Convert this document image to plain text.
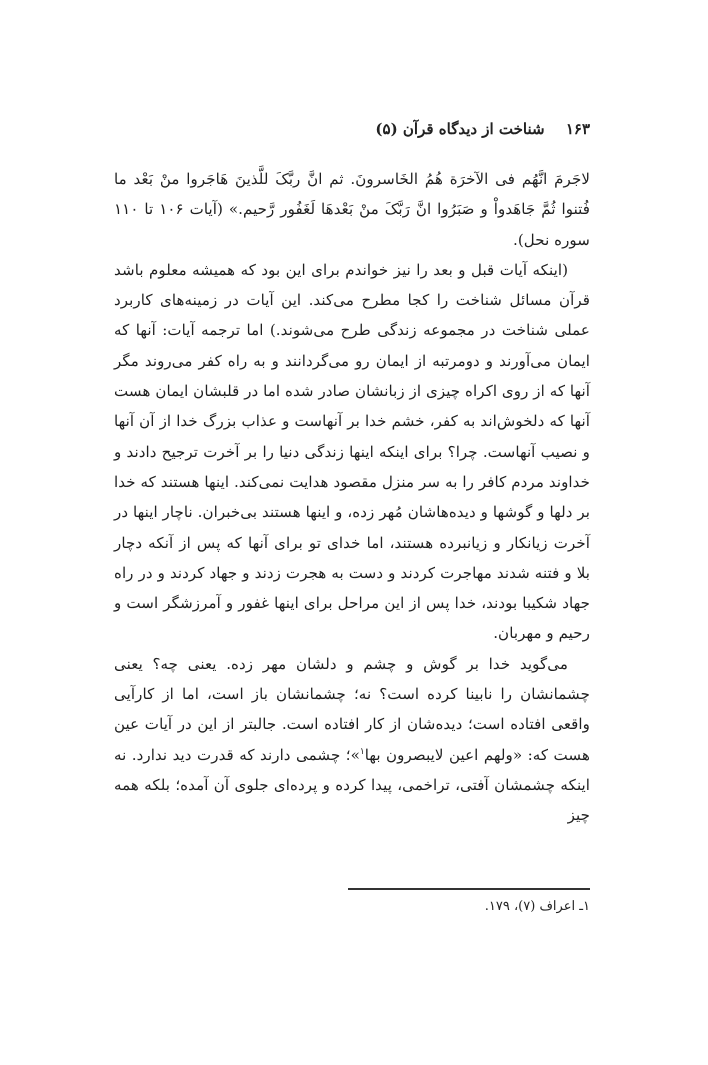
۱۶۳ شناخت از دیدگاه قرآن (۵)

لاجَرمَ انَّهُم فی الآخرَة هُمُ الخَاسرونَ. ثم انَّ ربَّکَ للَّذینَ هَاجَروا منْ بَعْد ما فُتنوا ثُمَّ جَاهَدواْ و صَبَرُوا انَّ رَبَّکَ منْ بَعْدهَا لَغَفُور رَّحیم.» (آیات ۱۰۶ تا ۱۱۰ سوره نحل).

(اینکه آیات قبل و بعد را نیز خواندم برای این بود که همیشه معلوم باشد قرآن مسائل شناخت را کجا مطرح می‌کند. این آیات در زمینه‌های کاربرد عملی شناخت در مجموعه زندگی طرح می‌شوند.) اما ترجمه آیات: آنها که ایمان می‌آورند و دومرتبه از ایمان رو می‌گردانند و به راه کفر می‌روند مگر آنها که از روی اکراه چیزی از زبانشان صادر شده اما در قلبشان ایمان هست آنها که دلخوش‌اند به کفر، خشم خدا بر آنهاست و عذاب بزرگ خدا از آن آنها و نصیب آنهاست. چرا؟ برای اینکه اینها زندگی دنیا را بر آخرت ترجیح دادند و خداوند مردم کافر را به سر منزل مقصود هدایت نمی‌کند. اینها هستند که خدا بر دلها و گوشها و دیده‌هاشان مُهر زده، و اینها هستند بی‌خبران. ناچار اینها در آخرت زیانکار و زیانبرده هستند، اما خدای تو برای آنها که پس از آنکه دچار بلا و فتنه شدند مهاجرت کردند و دست به هجرت زدند و جهاد کردند و در راه جهاد شکیبا بودند، خدا پس از این مراحل برای اینها غفور و آمرزشگر است و رحیم و مهربان.

می‌گوید خدا بر گوش و چشم و دلشان مهر زده. یعنی چه؟ یعنی چشمانشان را نابینا کرده است؟ نه؛ چشمانشان باز است، اما از کارآیی واقعی افتاده است؛ دیده‌شان از کار افتاده است. جالبتر از این در آیات عین هست که: «ولهم اعین لایبصرون بها$^۱$»؛ چشمی دارند که قدرت دید ندارد. نه اینکه چشمشان آفتی، تراخمی، پیدا کرده و پرده‌ای جلوی آن آمده؛ بلکه همه چیز

۱ـ اعراف (۷)، ۱۷۹.
